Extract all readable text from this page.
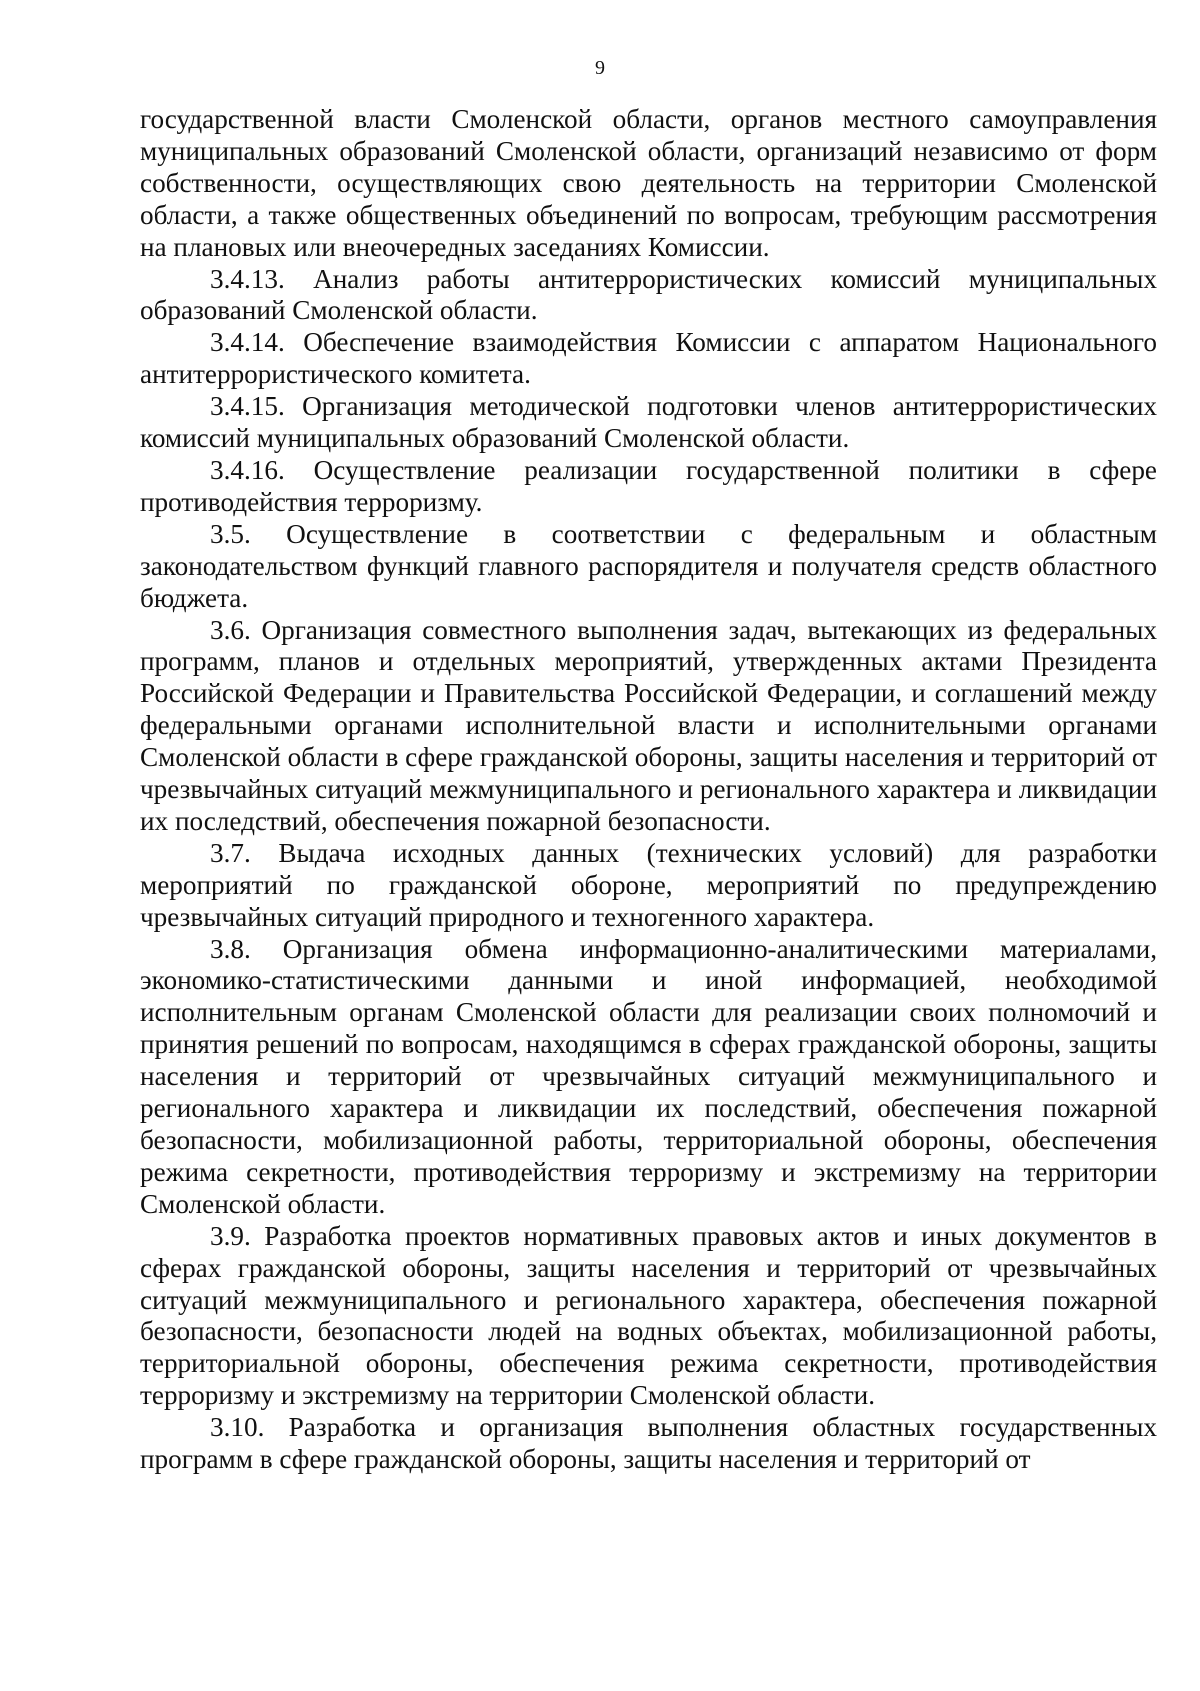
9

государственной власти Смоленской области, органов местного самоуправления муниципальных образований Смоленской области, организаций независимо от форм собственности, осуществляющих свою деятельность на территории Смоленской области, а также общественных объединений по вопросам, требующим рассмотрения на плановых или внеочередных заседаниях Комиссии.

3.4.13. Анализ работы антитеррористических комиссий муниципальных образований Смоленской области.

3.4.14. Обеспечение взаимодействия Комиссии с аппаратом Национального антитеррористического комитета.

3.4.15. Организация методической подготовки членов антитеррористических комиссий муниципальных образований Смоленской области.

3.4.16. Осуществление реализации государственной политики в сфере противодействия терроризму.

3.5. Осуществление в соответствии с федеральным и областным законодательством функций главного распорядителя и получателя средств областного бюджета.

3.6. Организация совместного выполнения задач, вытекающих из федеральных программ, планов и отдельных мероприятий, утвержденных актами Президента Российской Федерации и Правительства Российской Федерации, и соглашений между федеральными органами исполнительной власти и исполнительными органами Смоленской области в сфере гражданской обороны, защиты населения и территорий от чрезвычайных ситуаций межмуниципального и регионального характера и ликвидации их последствий, обеспечения пожарной безопасности.

3.7. Выдача исходных данных (технических условий) для разработки мероприятий по гражданской обороне, мероприятий по предупреждению чрезвычайных ситуаций природного и техногенного характера.

3.8. Организация обмена информационно-аналитическими материалами, экономико-статистическими данными и иной информацией, необходимой исполнительным органам Смоленской области для реализации своих полномочий и принятия решений по вопросам, находящимся в сферах гражданской обороны, защиты населения и территорий от чрезвычайных ситуаций межмуниципального и регионального характера и ликвидации их последствий, обеспечения пожарной безопасности, мобилизационной работы, территориальной обороны, обеспечения режима секретности, противодействия терроризму и экстремизму на территории Смоленской области.

3.9. Разработка проектов нормативных правовых актов и иных документов в сферах гражданской обороны, защиты населения и территорий от чрезвычайных ситуаций межмуниципального и регионального характера, обеспечения пожарной безопасности, безопасности людей на водных объектах, мобилизационной работы, территориальной обороны, обеспечения режима секретности, противодействия терроризму и экстремизму на территории Смоленской области.

3.10. Разработка и организация выполнения областных государственных программ в сфере гражданской обороны, защиты населения и территорий от
